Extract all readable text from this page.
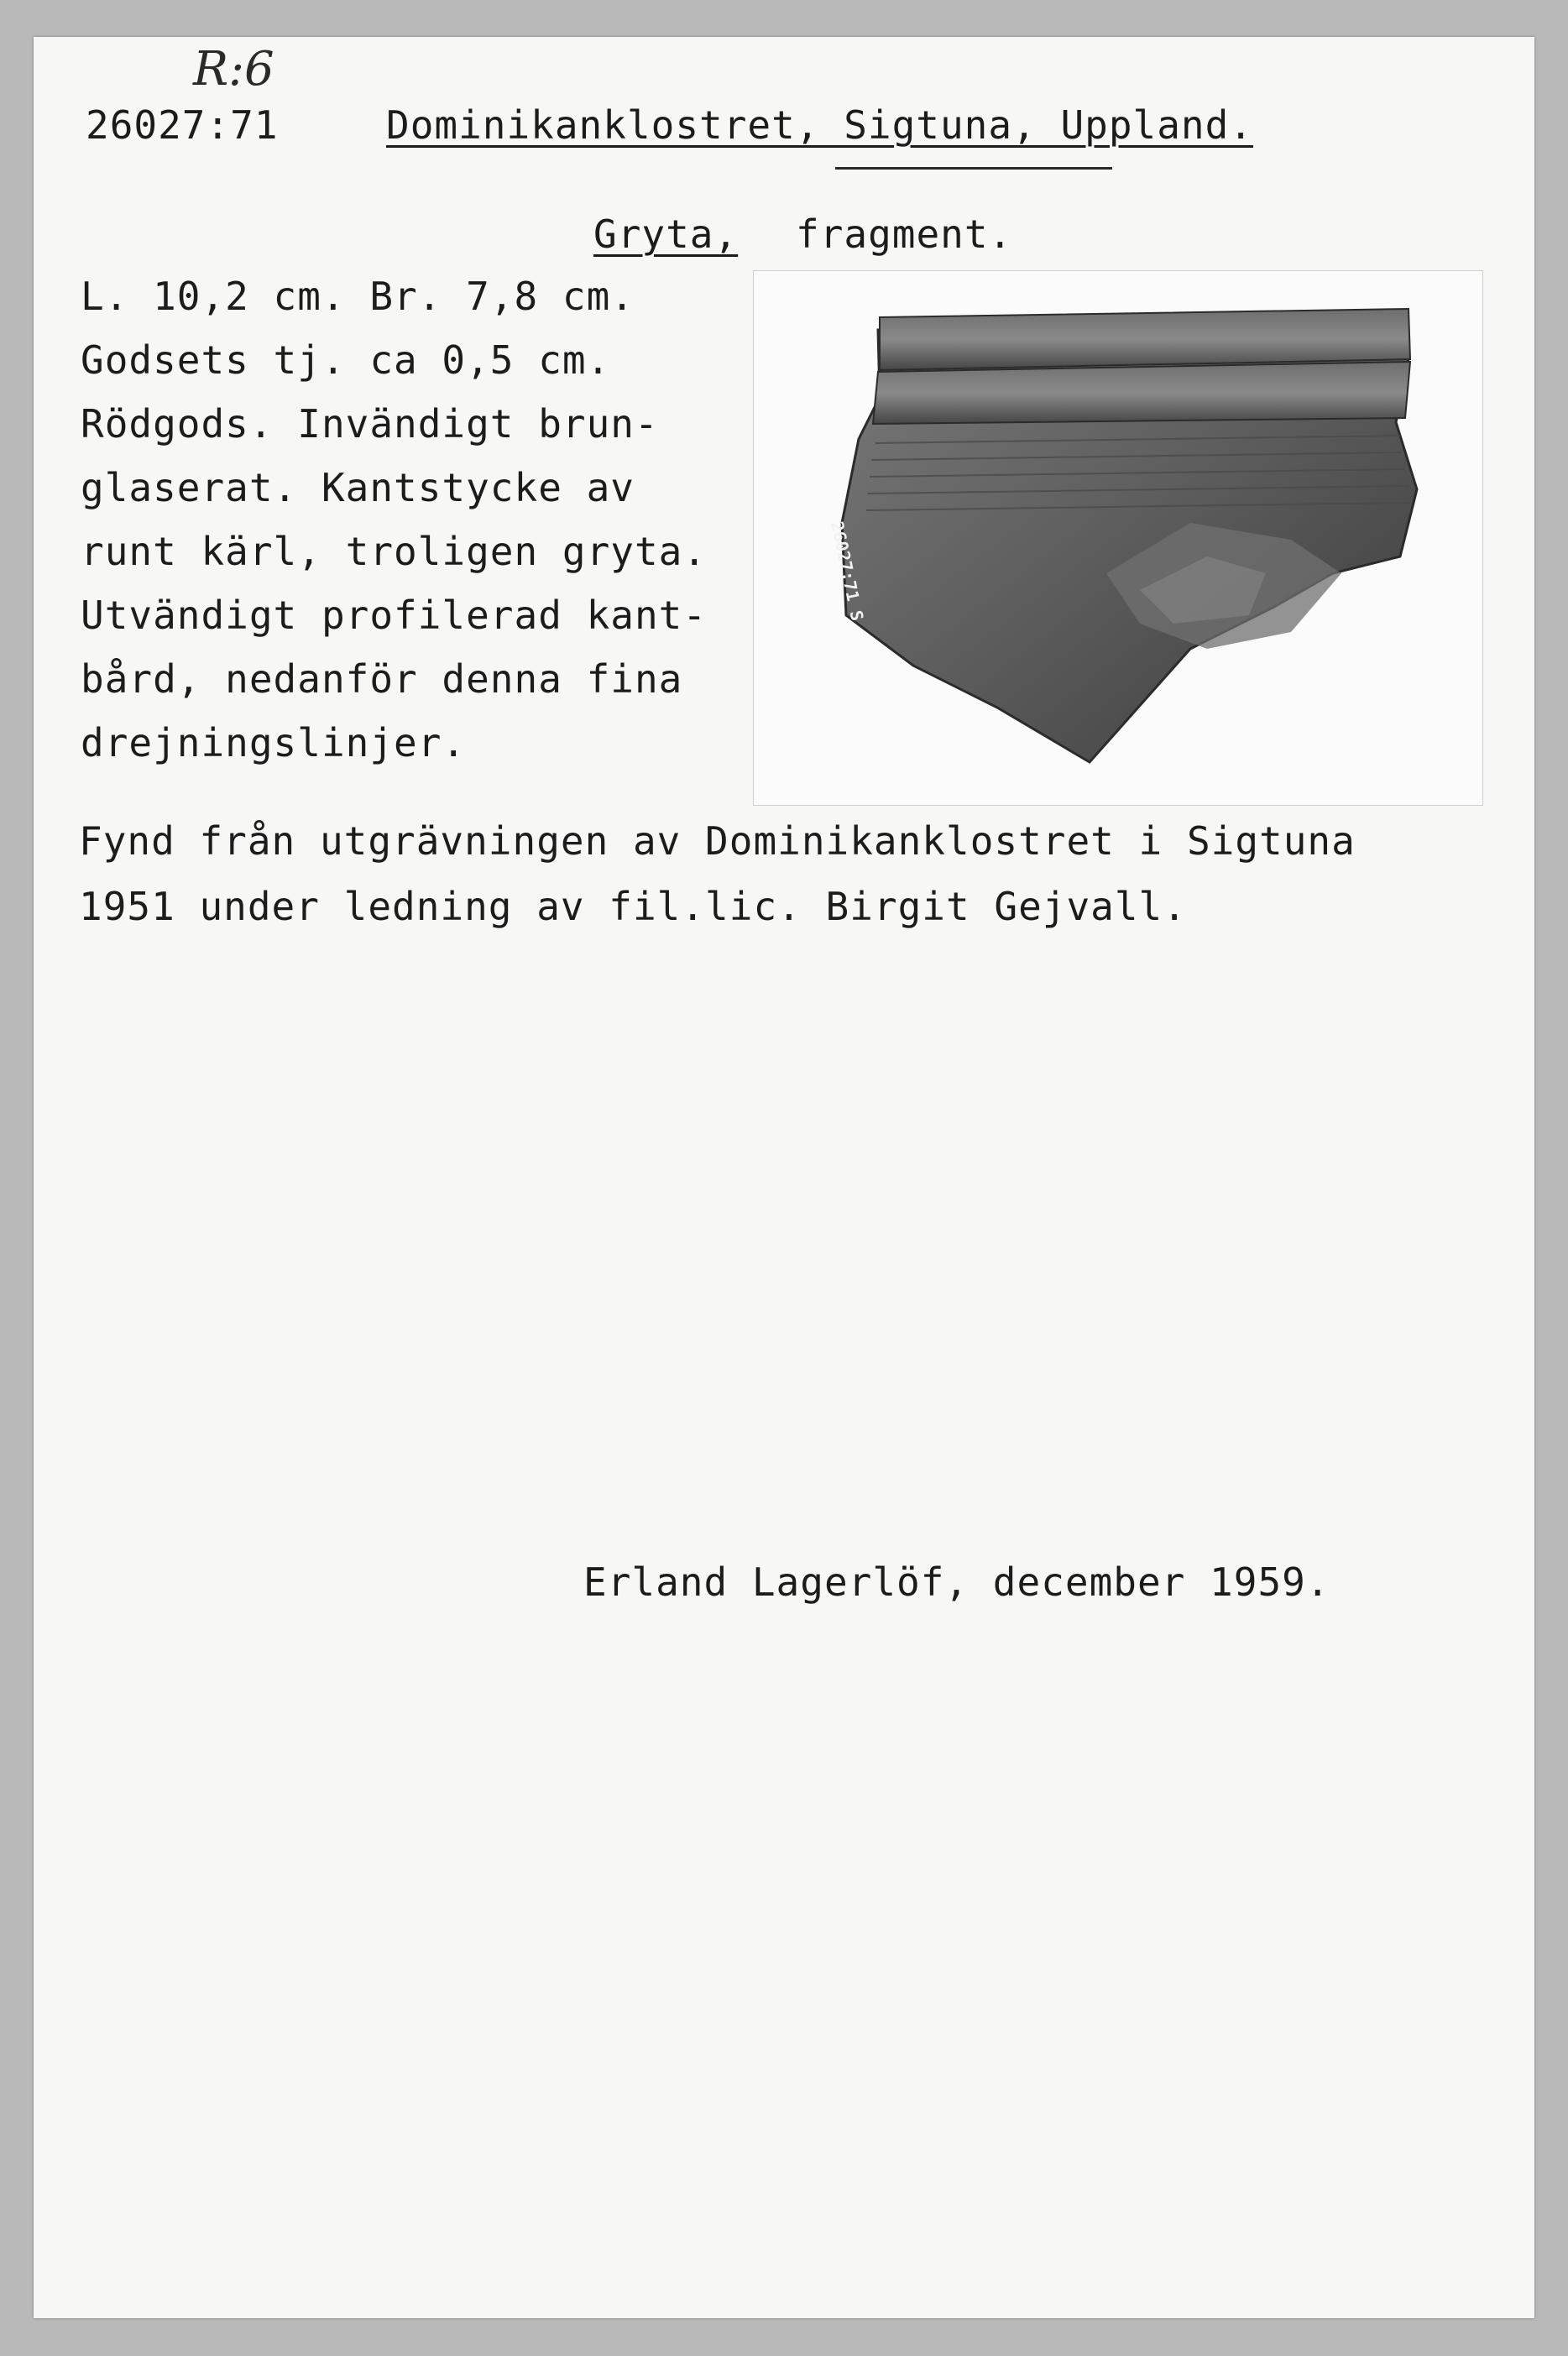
R:6
26027:71	Dominikanklostret, Sigtuna, Uppland.
Gryta, fragment.
L. 10,2 cm. Br. 7,8 cm.
Godsets tj. ca 0,5 cm.
Rödgods. Invändigt brun-
glaserat. Kantstycke av
runt kärl, troligen gryta.
Utvändigt profilerad kant-
bård, nedanför denna fina
drejningslinjer.
26027:71 S
Fynd från utgrävningen av Dominikanklostret i Sigtuna
1951 under ledning av fil.lic. Birgit Gejvall.
Erland Lagerlöf, december 1959.
